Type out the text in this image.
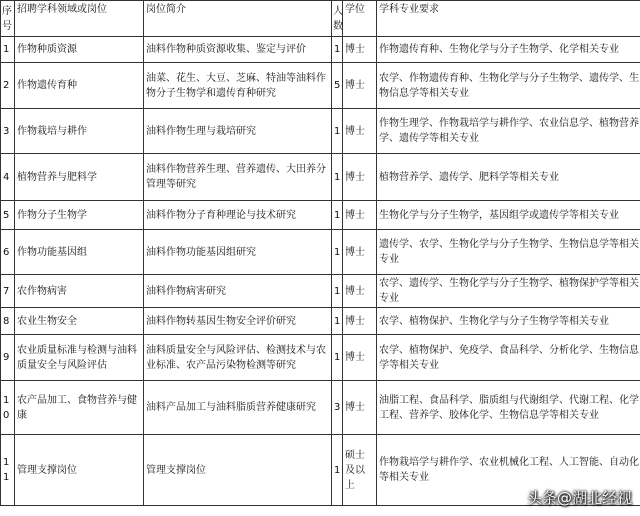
序号	招聘学科领域或岗位	岗位简介	人数	学位	学科专业要求
1	作物种质资源	油料作物种质资源收集、鉴定与评价	1	博士	作物遗传育种、生物化学与分子生物学、化学相关专业
2	作物遗传育种	油菜、花生、大豆、芝麻、特油等油料作物分子生物学和遗传育种研究	5	博士	农学、作物遗传育种、生物化学与分子生物学、遗传学、生物信息学等相关专业
3	作物栽培与耕作	油料作物生理与栽培研究	1	博士	作物生理学、作物栽培学与耕作学、农业信息学、植物营养学、遗传学等相关专业
4	植物营养与肥料学	油料作物营养生理、营养遗传、大田养分管理等研究	1	博士	植物营养学、遗传学、肥料学等相关专业
5	作物分子生物学	油料作物分子育种理论与技术研究	1	博士	生物化学与分子生物学，基因组学或遗传学等相关专业
6	作物功能基因组	油料作物功能基因组研究	1	博士	遗传学、农学、生物化学与分子生物学、生物信息学等相关专业
7	农作物病害	油料作物病害研究	1	博士	农学、遗传学、生物化学与分子生物学、植物保护学等相关专业
8	农业生物安全	油料作物转基因生物安全评价研究	1	博士	农学、植物保护、生物化学与分子生物学等相关专业
9	农业质量标准与检测与油料质量安全与风险评估	油料质量安全与风险评估、检测技术与农业标准、农产品污染物检测等研究	1	博士	农学、植物保护、免疫学、食品科学、分析化学、生物信息学等相关专业
10	农产品加工、食物营养与健康	油料产品加工与油料脂质营养健康研究	3	博士	油脂工程、食品科学、脂质组与代谢组学、代谢工程、化学工程、营养学、胶体化学、生物信息学等相关专业
11	管理支撑岗位	管理支撑岗位	1	硕士及以上	作物栽培学与耕作学、农业机械化工程、人工智能、自动化等相关专业
头条@湖北经视
